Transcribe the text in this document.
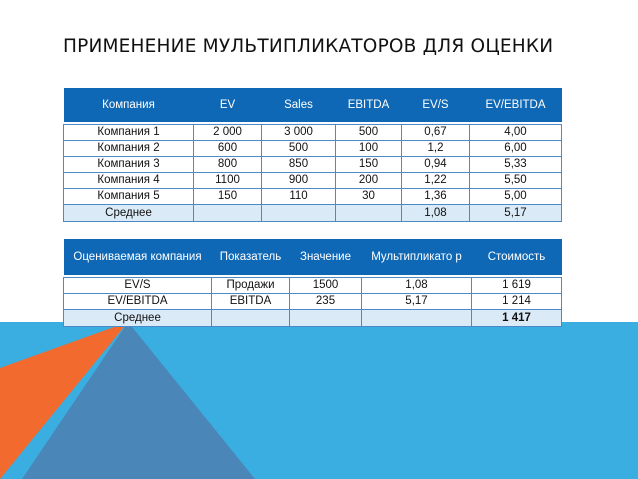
ПРИМЕНЕНИЕ МУЛЬТИПЛИКАТОРОВ ДЛЯ ОЦЕНКИ
Компания	EV	Sales	EBITDA	EV/S	EV/EBITDA

Компания 1	2 000	3 000	500	0,67	4,00
Компания 2	600	500	100	1,2	6,00
Компания 3	800	850	150	0,94	5,33
Компания 4	1100	900	200	1,22	5,50
Компания 5	150	110	30	1,36	5,00
Среднее				1,08	5,17
Оцениваемая компания	Показатель	Значение	Мультипликато р	Стоимость

EV/S	Продажи	1500	1,08	1 619
EV/EBITDA	EBITDA	235	5,17	1 214
Среднее				1 417
